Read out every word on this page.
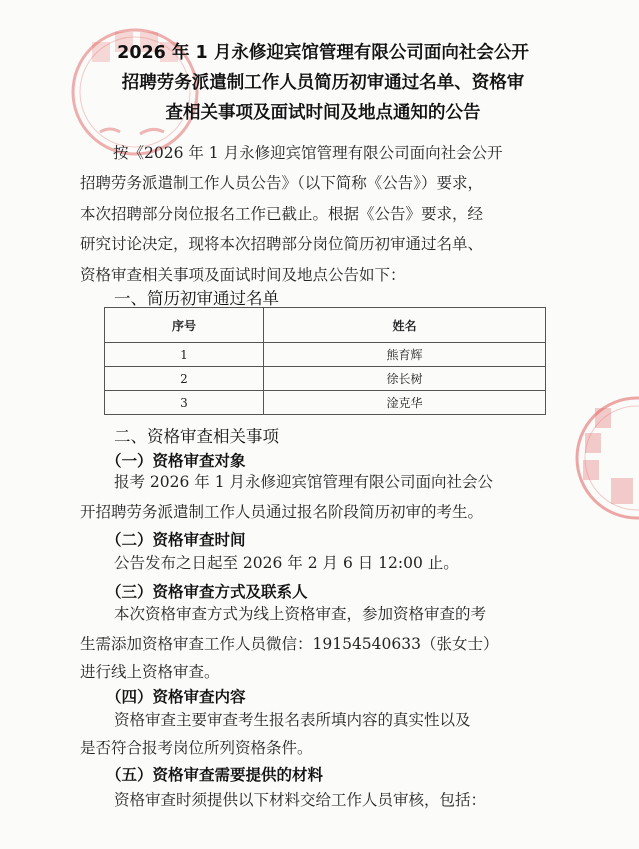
2026 年 1 月永修迎宾馆管理有限公司面向社会公开
招聘劳务派遣制工作人员简历初审通过名单、资格审
查相关事项及面试时间及地点通知的公告
按《2026 年 1 月永修迎宾馆管理有限公司面向社会公开
招聘劳务派遣制工作人员公告》（以下简称《公告》）要求，
本次招聘部分岗位报名工作已截止。根据《公告》要求，经
研究讨论决定，现将本次招聘部分岗位简历初审通过名单、
资格审查相关事项及面试时间及地点公告如下：
一、简历初审通过名单
序号	姓名
1	熊育辉
2	徐长树
3	淦克华
二、资格审查相关事项
（一）资格审查对象
报考 2026 年 1 月永修迎宾馆管理有限公司面向社会公
开招聘劳务派遣制工作人员通过报名阶段简历初审的考生。
（二）资格审查时间
公告发布之日起至 2026 年 2 月 6 日 12:00 止。
（三）资格审查方式及联系人
本次资格审查方式为线上资格审查，参加资格审查的考
生需添加资格审查工作人员微信：19154540633（张女士）
进行线上资格审查。
（四）资格审查内容
资格审查主要审查考生报名表所填内容的真实性以及
是否符合报考岗位所列资格条件。
（五）资格审查需要提供的材料
资格审查时须提供以下材料交给工作人员审核，包括：
